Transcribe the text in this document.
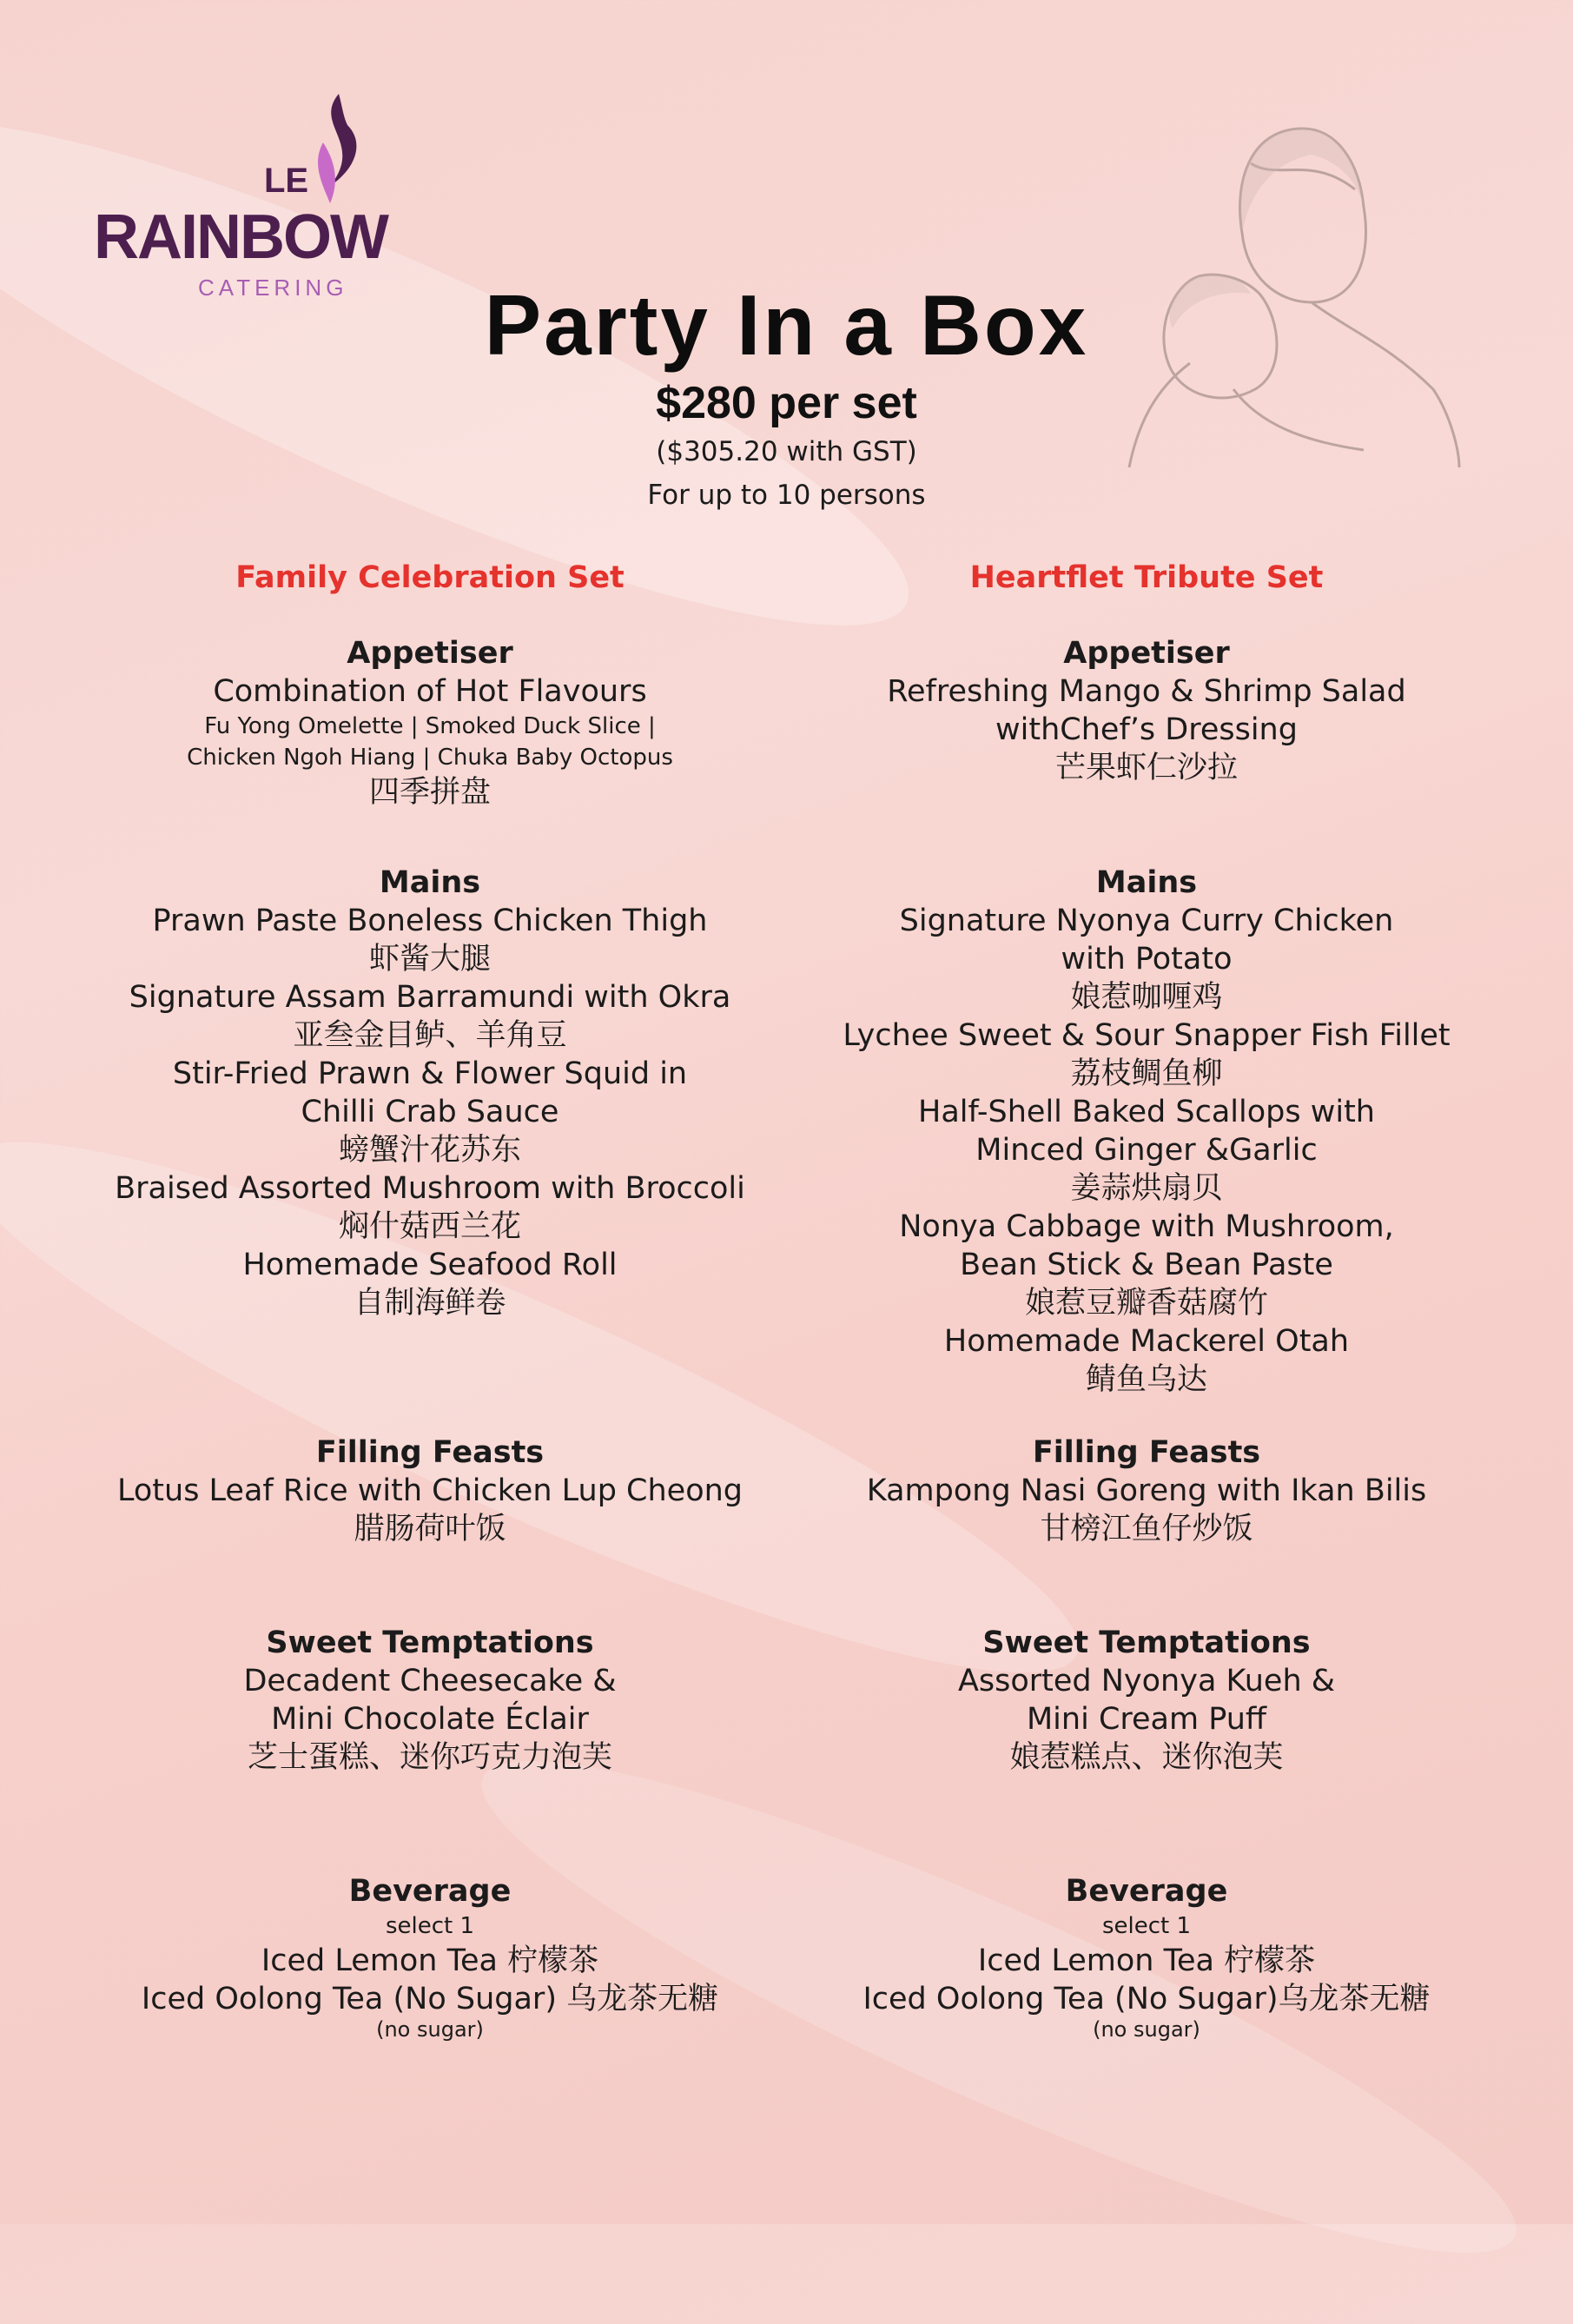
LE
RAINBOW
CATERING	Party In a Box
$280 per set
($305.20 with GST)
For up to 10 persons
Family Celebration Set
Appetiser
Combination of Hot Flavours
Fu Yong Omelette | Smoked Duck Slice |
Chicken Ngoh Hiang | Chuka Baby Octopus
四季拼盘
Mains
Prawn Paste Boneless Chicken Thigh
虾酱大腿
Signature Assam Barramundi with Okra
亚叁金目鲈、羊角豆
Stir-Fried Prawn & Flower Squid in
Chilli Crab Sauce
螃蟹汁花苏东
Braised Assorted Mushroom with Broccoli
焖什菇西兰花
Homemade Seafood Roll
自制海鲜卷
Filling Feasts
Lotus Leaf Rice with Chicken Lup Cheong
腊肠荷叶饭
Sweet Temptations
Decadent Cheesecake &
Mini Chocolate Éclair
芝士蛋糕、迷你巧克力泡芙
Beverage
select 1
Iced Lemon Tea 柠檬茶
Iced Oolong Tea (No Sugar) 乌龙茶无糖
(no sugar)
Heartflet Tribute Set
Appetiser
Refreshing Mango & Shrimp Salad
withChef’s Dressing
芒果虾仁沙拉
Mains
Signature Nyonya Curry Chicken
with Potato
娘惹咖喱鸡
Lychee Sweet & Sour Snapper Fish Fillet
荔枝鲷鱼柳
Half-Shell Baked Scallops with
Minced Ginger &Garlic
姜蒜烘扇贝
Nonya Cabbage with Mushroom,
Bean Stick & Bean Paste
娘惹豆瓣香菇腐竹
Homemade Mackerel Otah
鲭鱼乌达
Filling Feasts
Kampong Nasi Goreng with Ikan Bilis
甘榜江鱼仔炒饭
Sweet Temptations
Assorted Nyonya Kueh &
Mini Cream Puff
娘惹糕点、迷你泡芙
Beverage
select 1
Iced Lemon Tea 柠檬茶
Iced Oolong Tea (No Sugar)乌龙茶无糖
(no sugar)
